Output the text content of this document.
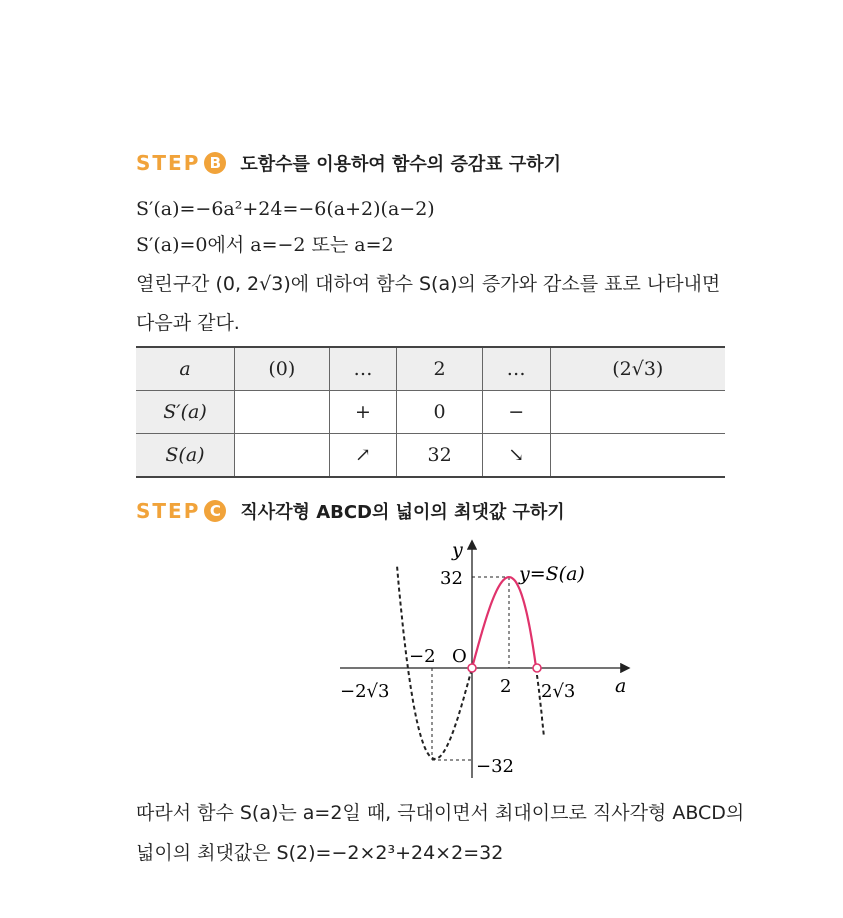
STEP B 도함수를 이용하여 함수의 증감표 구하기
S′(a)=−6a²+24=−6(a+2)(a−2)
S′(a)=0에서 a=−2 또는 a=2
열린구간 (0, 2√3)에 대하여 함수 S(a)의 증가와 감소를 표로 나타내면
다음과 같다.
a	(0)	…	2	…	(2√3)
S′(a)		+	0	−	
S(a)		↗	32	↘	
STEP C	직사각형 ABCD의 넓이의 최댓값 구하기
y
a
32	y=S(a)
−2 O
2 2√3
−2√3
−32
따라서 함수 S(a)는 a=2일 때, 극대이면서 최대이므로 직사각형 ABCD의
넓이의 최댓값은 S(2)=−2×2³+24×2=32
